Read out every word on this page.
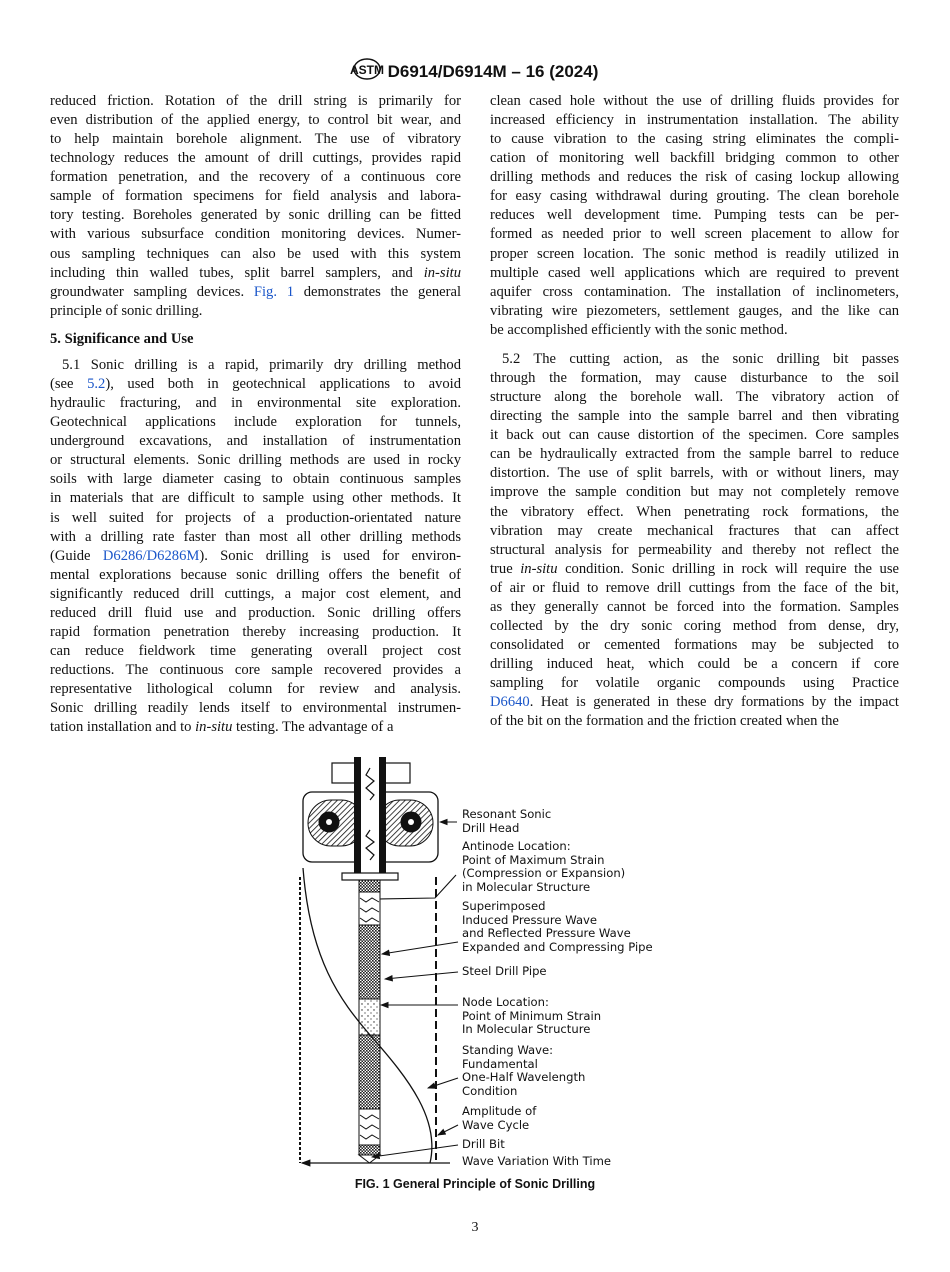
ASTM D6914/D6914M – 16 (2024)
reduced friction. Rotation of the drill string is primarily for
even distribution of the applied energy, to control bit wear, and
to help maintain borehole alignment. The use of vibratory
technology reduces the amount of drill cuttings, provides rapid
formation penetration, and the recovery of a continuous core
sample of formation specimens for field analysis and labora-
tory testing. Boreholes generated by sonic drilling can be fitted
with various subsurface condition monitoring devices. Numer-
ous sampling techniques can also be used with this system
including thin walled tubes, split barrel samplers, and in-situ
groundwater sampling devices. Fig. 1 demonstrates the general
principle of sonic drilling.
5. Significance and Use
5.1 Sonic drilling is a rapid, primarily dry drilling method
(see 5.2), used both in geotechnical applications to avoid
hydraulic fracturing, and in environmental site exploration.
Geotechnical applications include exploration for tunnels,
underground excavations, and installation of instrumentation
or structural elements. Sonic drilling methods are used in rocky
soils with large diameter casing to obtain continuous samples
in materials that are difficult to sample using other methods. It
is well suited for projects of a production-orientated nature
with a drilling rate faster than most all other drilling methods
(Guide D6286/D6286M). Sonic drilling is used for environ-
mental explorations because sonic drilling offers the benefit of
significantly reduced drill cuttings, a major cost element, and
reduced drill fluid use and production. Sonic drilling offers
rapid formation penetration thereby increasing production. It
can reduce fieldwork time generating overall project cost
reductions. The continuous core sample recovered provides a
representative lithological column for review and analysis.
Sonic drilling readily lends itself to environmental instrumen-
tation installation and to in-situ testing. The advantage of a
clean cased hole without the use of drilling fluids provides for
increased efficiency in instrumentation installation. The ability
to cause vibration to the casing string eliminates the compli-
cation of monitoring well backfill bridging common to other
drilling methods and reduces the risk of casing lockup allowing
for easy casing withdrawal during grouting. The clean borehole
reduces well development time. Pumping tests can be per-
formed as needed prior to well screen placement to allow for
proper screen location. The sonic method is readily utilized in
multiple cased well applications which are required to prevent
aquifer cross contamination. The installation of inclinometers,
vibrating wire piezometers, settlement gauges, and the like can
be accomplished efficiently with the sonic method.
5.2 The cutting action, as the sonic drilling bit passes
through the formation, may cause disturbance to the soil
structure along the borehole wall. The vibratory action of
directing the sample into the sample barrel and then vibrating
it back out can cause distortion of the specimen. Core samples
can be hydraulically extracted from the sample barrel to reduce
distortion. The use of split barrels, with or without liners, may
improve the sample condition but may not completely remove
the vibratory effect. When penetrating rock formations, the
vibration may create mechanical fractures that can affect
structural analysis for permeability and thereby not reflect the
true in-situ condition. Sonic drilling in rock will require the use
of air or fluid to remove drill cuttings from the face of the bit,
as they generally cannot be forced into the formation. Samples
collected by the dry sonic coring method from dense, dry,
consolidated or cemented formations may be subjected to
drilling induced heat, which could be a concern if core
sampling for volatile organic compounds using Practice
D6640. Heat is generated in these dry formations by the impact
of the bit on the formation and the friction created when the
Resonant Sonic
Drill Head
Antinode Location:
Point of Maximum Strain
(Compression or Expansion)
in Molecular Structure
Superimposed
Induced Pressure Wave
and Reflected Pressure Wave
Expanded and Compressing Pipe
Steel Drill Pipe
Node Location:
Point of Minimum Strain
In Molecular Structure
Standing Wave:
Fundamental
One-Half Wavelength
Condition
Amplitude of
Wave Cycle
Drill Bit
Wave Variation With Time
FIG. 1 General Principle of Sonic Drilling
3
